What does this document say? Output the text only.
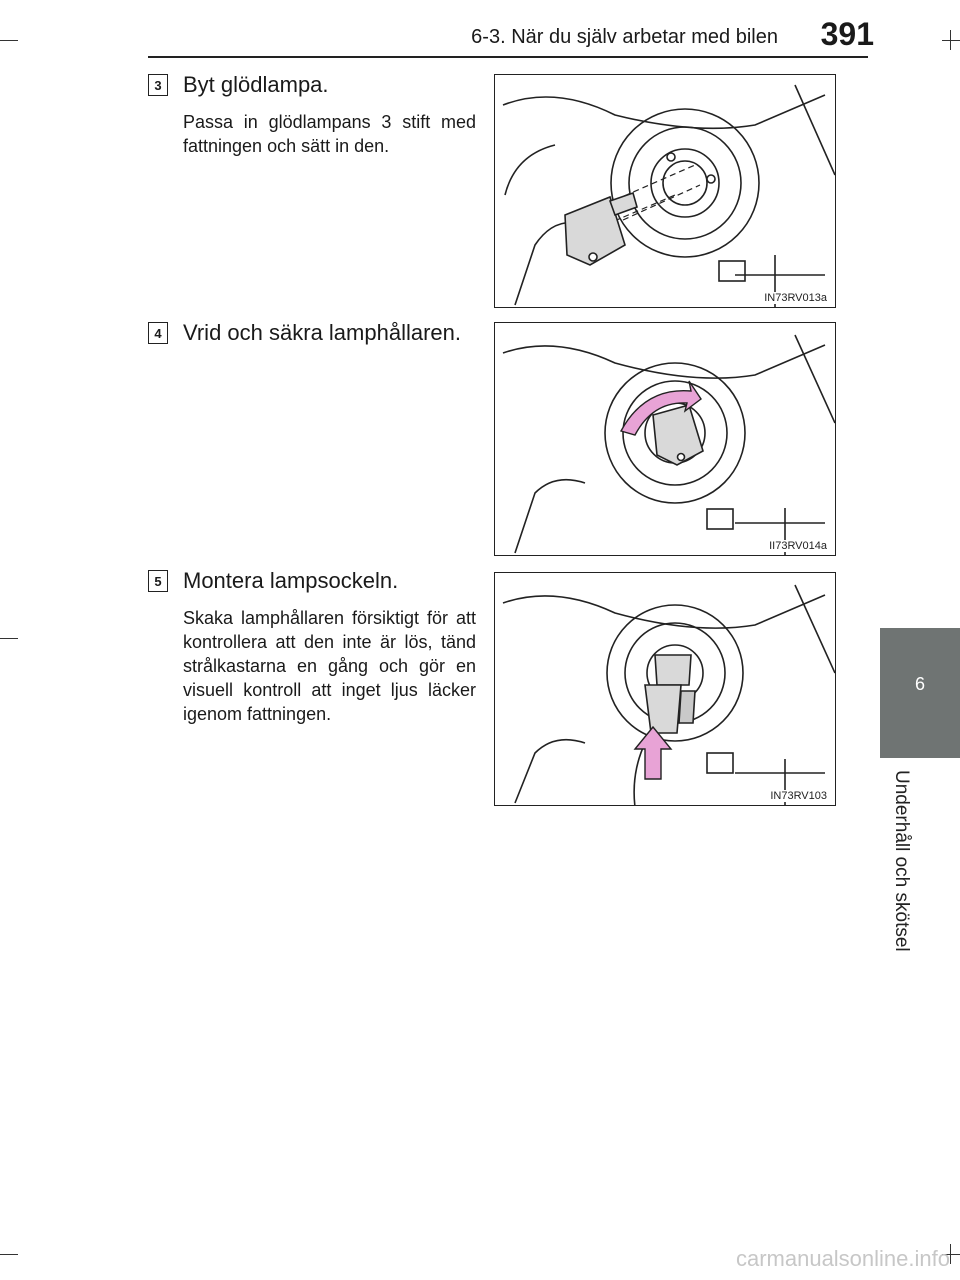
6-3. När du själv arbetar med bilen 391
6
Underhåll och skötsel
3 Byt glödlampa.
Passa in glödlampans 3 stift med fattningen och sätt in den.
IN73RV013a
4 Vrid och säkra lamphållaren.
II73RV014a
5 Montera lampsockeln.
Skaka lamphållaren försiktigt för att kontrollera att den inte är lös, tänd strålkastarna en gång och gör en visuell kontroll att inget ljus läcker igenom fattningen.
IN73RV103
carmanualsonline.info
